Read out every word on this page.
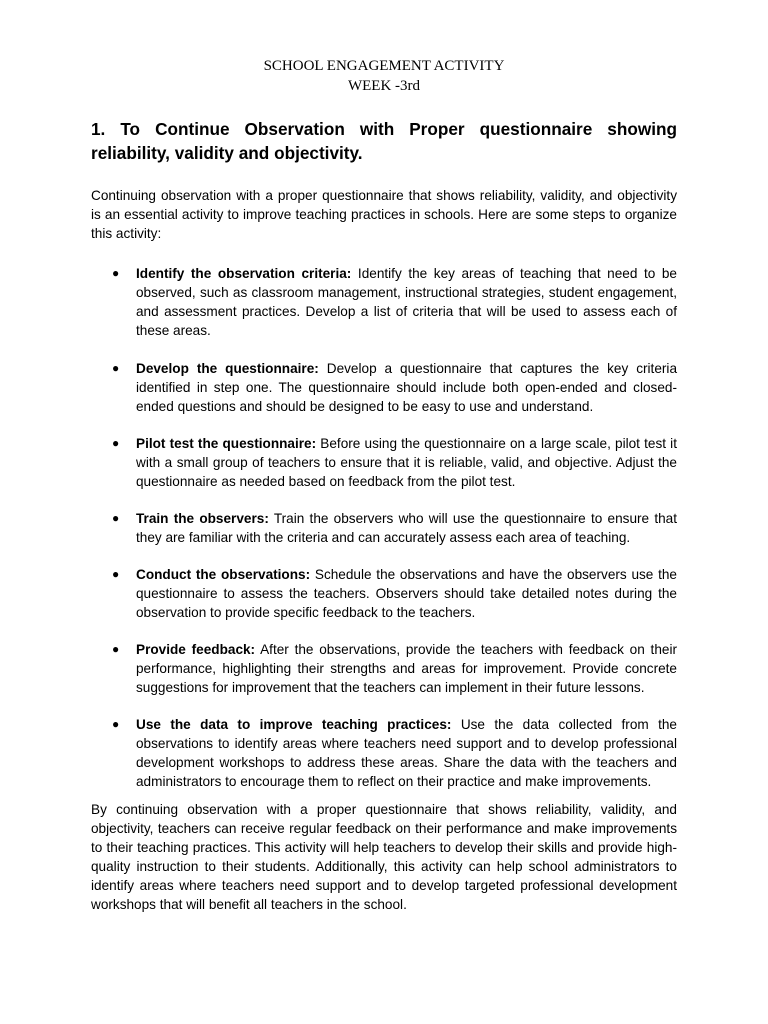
SCHOOL ENGAGEMENT ACTIVITY
WEEK -3rd
1. To Continue Observation with Proper questionnaire showing reliability, validity and objectivity.

Continuing observation with a proper questionnaire that shows reliability, validity, and objectivity is an essential activity to improve teaching practices in schools. Here are some steps to organize this activity:

● Identify the observation criteria: Identify the key areas of teaching that need to be observed, such as classroom management, instructional strategies, student engagement, and assessment practices. Develop a list of criteria that will be used to assess each of these areas.
● Develop the questionnaire: Develop a questionnaire that captures the key criteria identified in step one. The questionnaire should include both open-ended and closed-ended questions and should be designed to be easy to use and understand.
● Pilot test the questionnaire: Before using the questionnaire on a large scale, pilot test it with a small group of teachers to ensure that it is reliable, valid, and objective. Adjust the questionnaire as needed based on feedback from the pilot test.
● Train the observers: Train the observers who will use the questionnaire to ensure that they are familiar with the criteria and can accurately assess each area of teaching.
● Conduct the observations: Schedule the observations and have the observers use the questionnaire to assess the teachers. Observers should take detailed notes during the observation to provide specific feedback to the teachers.
● Provide feedback: After the observations, provide the teachers with feedback on their performance, highlighting their strengths and areas for improvement. Provide concrete suggestions for improvement that the teachers can implement in their future lessons.
● Use the data to improve teaching practices: Use the data collected from the observations to identify areas where teachers need support and to develop professional development workshops to address these areas. Share the data with the teachers and administrators to encourage them to reflect on their practice and make improvements.

By continuing observation with a proper questionnaire that shows reliability, validity, and objectivity, teachers can receive regular feedback on their performance and make improvements to their teaching practices. This activity will help teachers to develop their skills and provide high-quality instruction to their students. Additionally, this activity can help school administrators to identify areas where teachers need support and to develop targeted professional development workshops that will benefit all teachers in the school.
